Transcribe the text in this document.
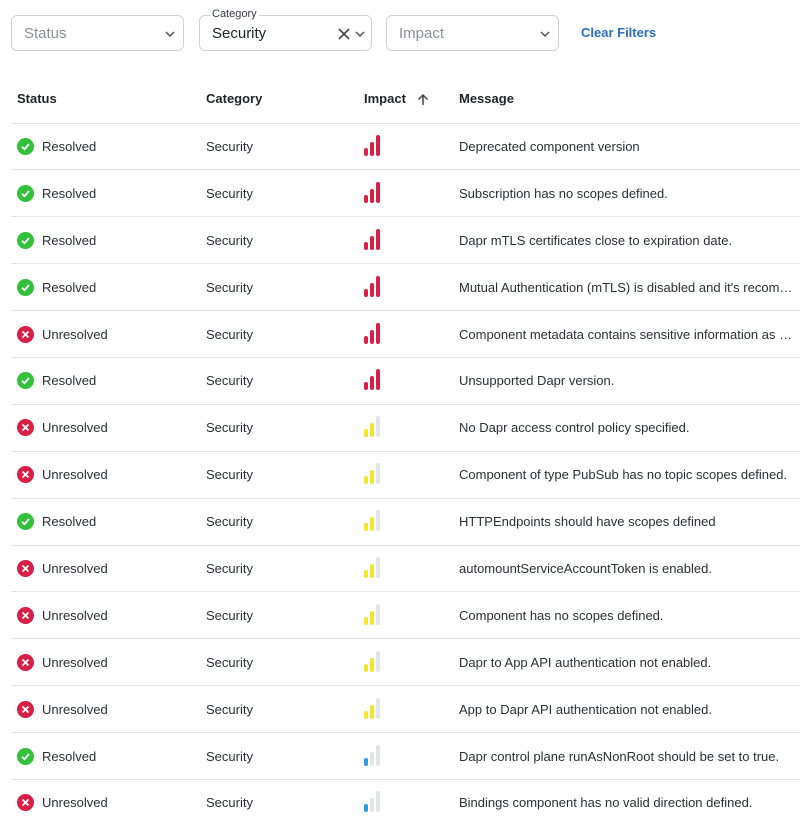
Status
Category
Security	Impact	Clear Filters
Status	Category	Impact	Message

Resolved	Security		Deprecated component version

Resolved	Security		Subscription has no scopes defined.

Resolved	Security		Dapr mTLS certificates close to expiration date.

Resolved	Security		Mutual Authentication (mTLS) is disabled and it's recom…

Unresolved	Security		Component metadata contains sensitive information as …

Resolved	Security		Unsupported Dapr version.

Unresolved	Security		No Dapr access control policy specified.

Unresolved	Security		Component of type PubSub has no topic scopes defined.

Resolved	Security		HTTPEndpoints should have scopes defined

Unresolved	Security		automountServiceAccountToken is enabled.

Unresolved	Security		Component has no scopes defined.

Unresolved	Security		Dapr to App API authentication not enabled.

Unresolved	Security		App to Dapr API authentication not enabled.

Resolved	Security		Dapr control plane runAsNonRoot should be set to true.

Unresolved	Security		Bindings component has no valid direction defined.
